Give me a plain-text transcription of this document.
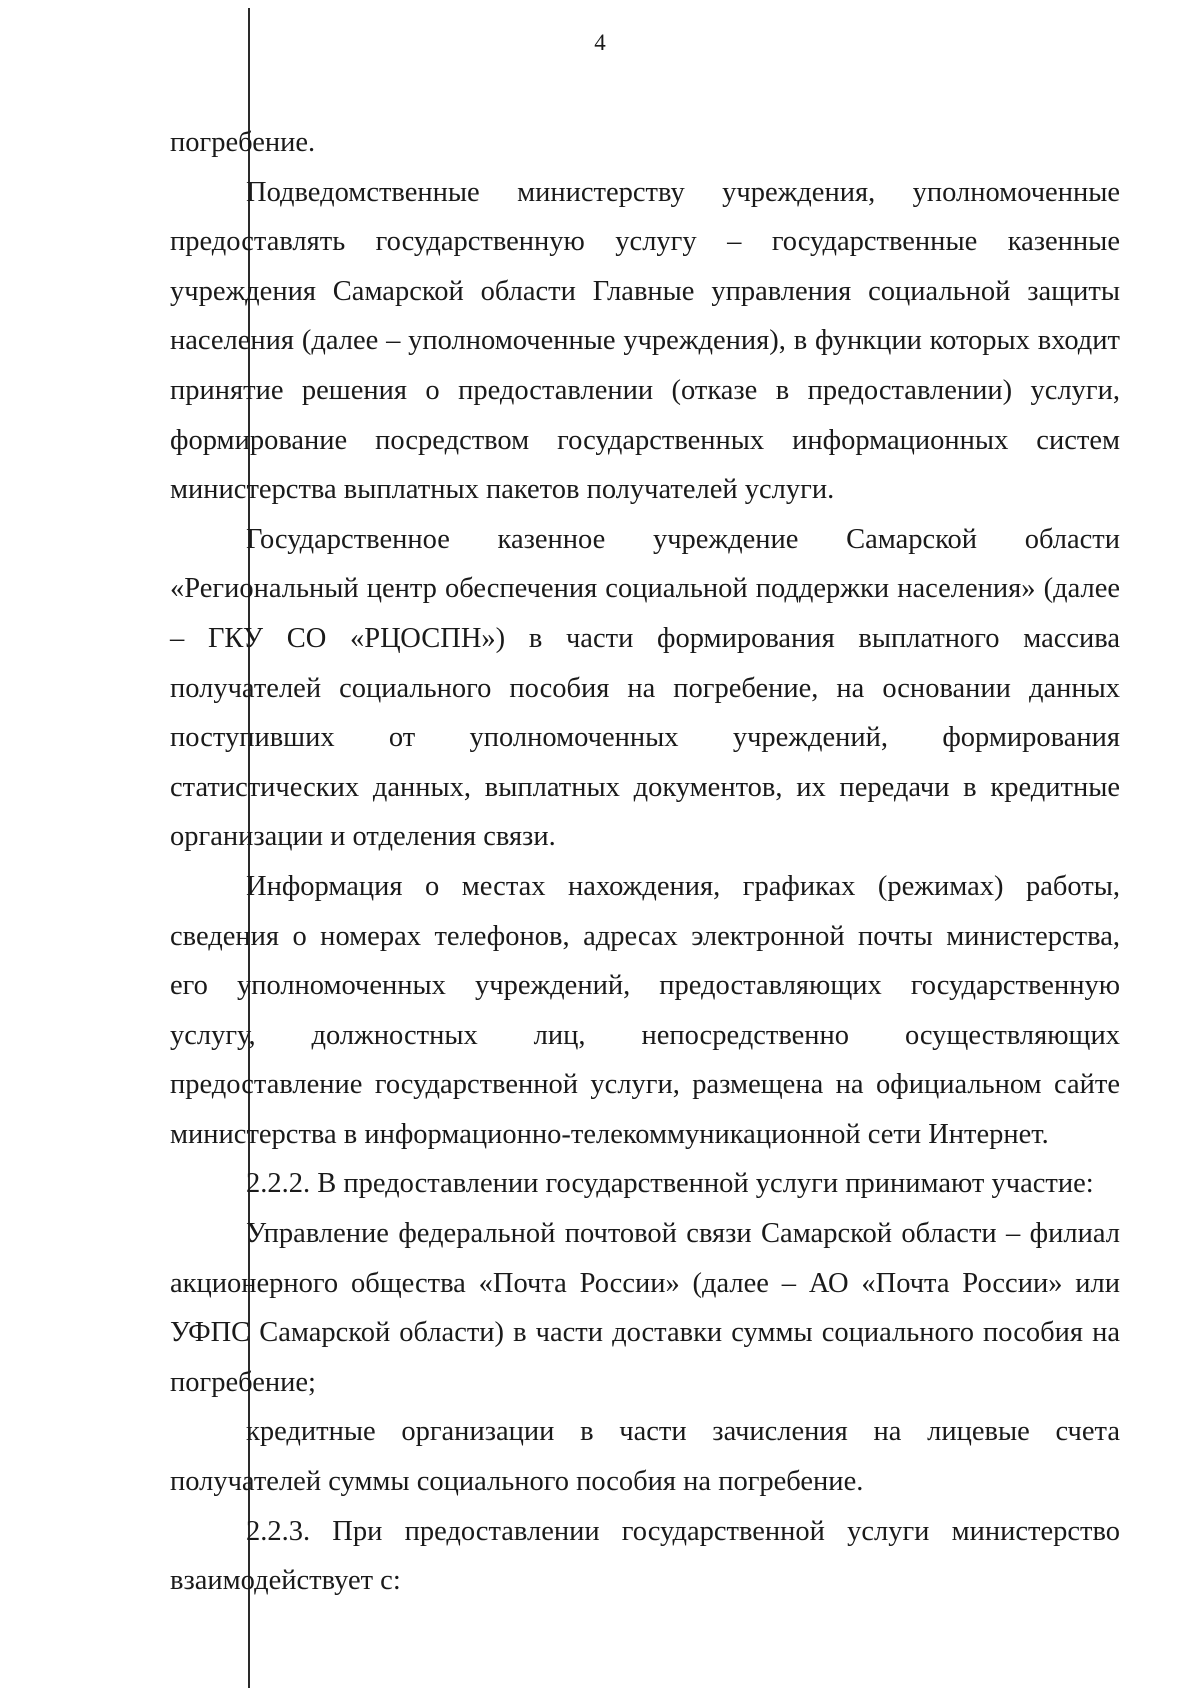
4

погребение.

Подведомственные министерству учреждения, уполномоченные предоставлять государственную услугу – государственные казенные учреждения Самарской области Главные управления социальной защиты населения (далее – уполномоченные учреждения), в функции которых входит принятие решения о предоставлении (отказе в предоставлении) услуги, формирование посредством государственных информационных систем министерства выплатных пакетов получателей услуги.

Государственное казенное учреждение Самарской области «Региональный центр обеспечения социальной поддержки населения» (далее – ГКУ СО «РЦОСПН») в части формирования выплатного массива получателей социального пособия на погребение, на основании данных поступивших от уполномоченных учреждений, формирования статистических данных, выплатных документов, их передачи в кредитные организации и отделения связи.

Информация о местах нахождения, графиках (режимах) работы, сведения о номерах телефонов, адресах электронной почты министерства, его уполномоченных учреждений, предоставляющих государственную услугу, должностных лиц, непосредственно осуществляющих предоставление государственной услуги, размещена на официальном сайте министерства в информационно-телекоммуникационной сети Интернет.

2.2.2. В предоставлении государственной услуги принимают участие:

Управление федеральной почтовой связи Самарской области – филиал акционерного общества «Почта России» (далее – АО «Почта России» или УФПС Самарской области) в части доставки суммы социального пособия на погребение;

кредитные организации в части зачисления на лицевые счета получателей суммы социального пособия на погребение.

2.2.3. При предоставлении государственной услуги министерство взаимодействует с:
